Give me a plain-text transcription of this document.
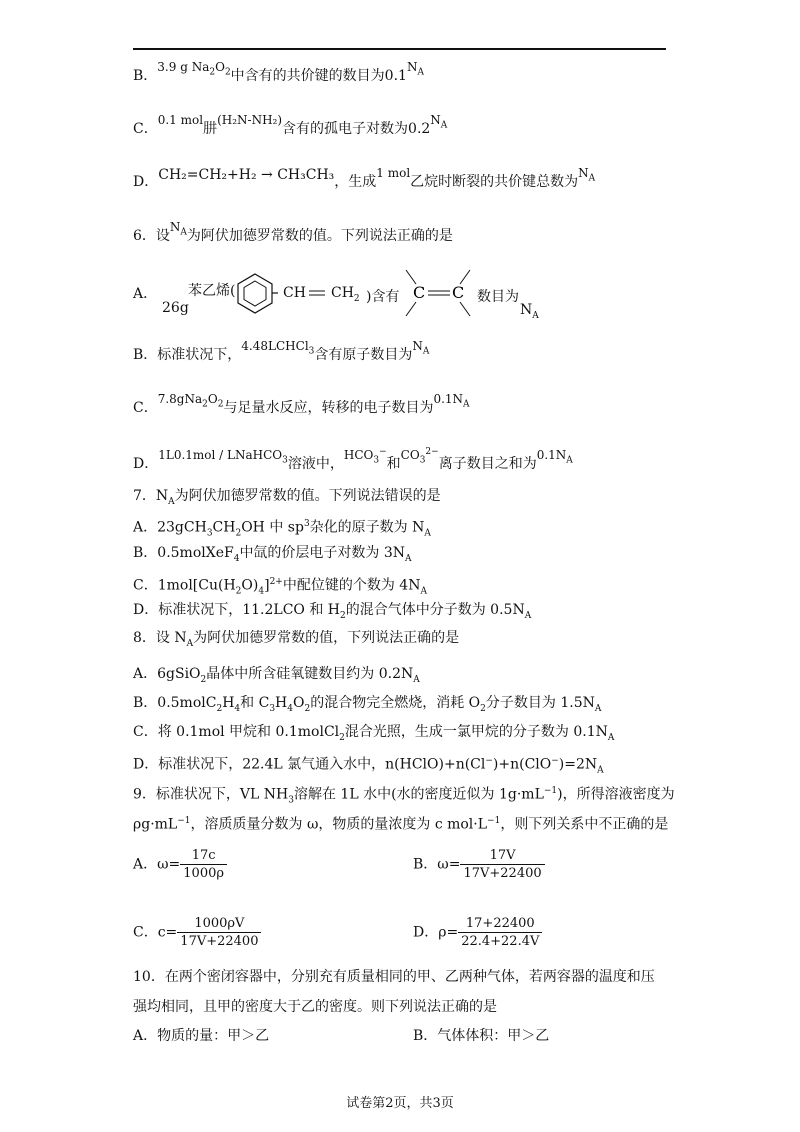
B．3.9 g $Na_2O_2$中含有的共价键的数目为$0.1N_A$
C．0.1 mol肼(H₂N-NH₂)含有的孤电子对数为$0.2N_A$
D．CH₂=CH₂+H₂ → CH₃CH₃，生成1 mol乙烷时断裂的共价键总数为$N_A$
6．设$N_A$为阿伏加德罗常数的值。下列说法正确的是
A．
26g
苯乙烯(	CH $CH_2$ )含有 C C 数目为
$N_A$
B．标准状况下，4.48LCHCl$_3$含有原子数目为$N_A$
C．$7.8gNa_2O_2$与足量水反应，转移的电子数目为$0.1N_A$
D．1L0.1mol / LNaHCO$_3$溶液中，$HCO_3^-$和$CO_3^{2-}$离子数目之和为$0.1N_A$
7．$N_A$为阿伏加德罗常数的值。下列说法错误的是
A．$23gCH_3CH_2OH$ 中 $sp^3$杂化的原子数为 $N_A$
B．0.5molXeF$_4$中氙的价层电子对数为 $3N_A$
C．$1mol[Cu(H_2O)_4]^{2+}$中配位键的个数为 $4N_A$
D．标准状况下，11.2LCO 和 $H_2$的混合气体中分子数为 $0.5N_A$
8．设 $N_A$为阿伏加德罗常数的值，下列说法正确的是
A．6gSiO$_2$晶体中所含硅氧键数目约为 $0.2N_A$
B．$0.5molC_2H_4$和 $C_3H_4O_2$的混合物完全燃烧，消耗 $O_2$分子数目为 $1.5N_A$
C．将 0.1mol 甲烷和 0.1molCl$_2$混合光照，生成一氯甲烷的分子数为 $0.1N_A$
D．标准状况下，22.4L 氯气通入水中，$n(HClO)+n(Cl^-)+n(ClO^-)=2N_A$
9．标准状况下，VL $NH_3$溶解在 1L 水中(水的密度近似为 $1g\cdot mL^{-1}$)，所得溶液密度为
$\rho g\cdot mL^{-1}$，溶质质量分数为 ω，物质的量浓度为 c $mol\cdot L^{-1}$，则下列关系中不正确的是
A．$\omega= \frac{17c}{1000\rho}$	B．$\omega= \frac{17V}{17V+22400}$
C．$c= \frac{1000\rho V}{17V+22400}$	D．$\rho= \frac{17+22400}{22.4+22.4V}$
10．在两个密闭容器中，分别充有质量相同的甲、乙两种气体，若两容器的温度和压
强均相同，且甲的密度大于乙的密度。则下列说法正确的是
A．物质的量：甲＞乙	B．气体体积：甲＞乙
试卷第2页，共3页
